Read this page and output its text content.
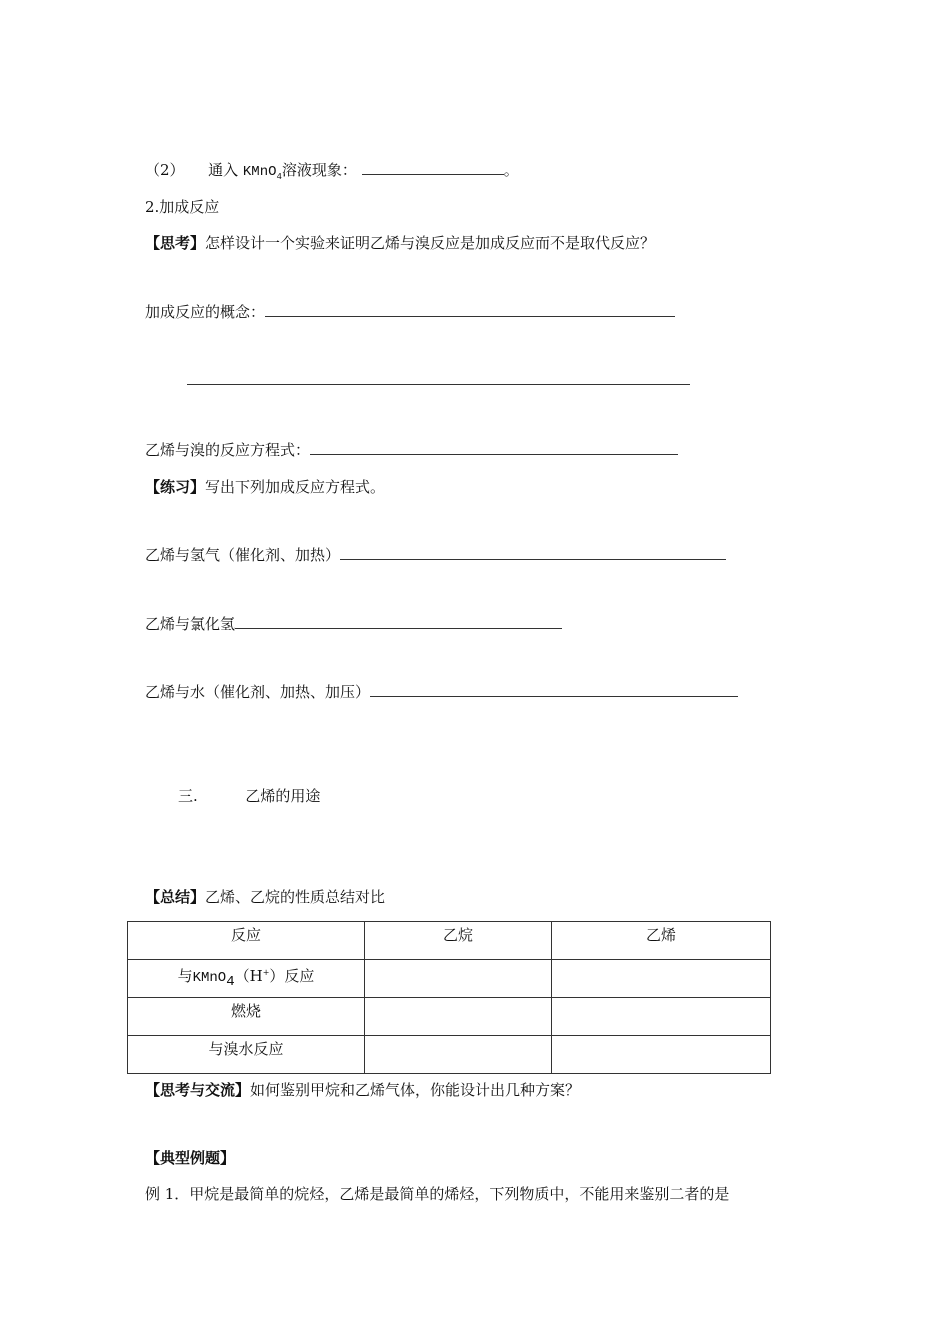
（2） 通入 KMnO$_4$溶液现象：	。
2.加成反应
【思考】怎样设计一个实验来证明乙烯与溴反应是加成反应而不是取代反应？
加成反应的概念：
乙烯与溴的反应方程式：
【练习】写出下列加成反应方程式。
乙烯与氢气（催化剂、加热）
乙烯与氯化氢
乙烯与水（催化剂、加热、加压）
三.	乙烯的用途
【总结】乙烯、乙烷的性质总结对比
反应	乙烷	乙烯
与KMnO$_4$（H+）反应		
燃烧		
与溴水反应		
【思考与交流】如何鉴别甲烷和乙烯气体，你能设计出几种方案？
【典型例题】
例 1．甲烷是最简单的烷烃，乙烯是最简单的烯烃，下列物质中，不能用来鉴别二者的是
